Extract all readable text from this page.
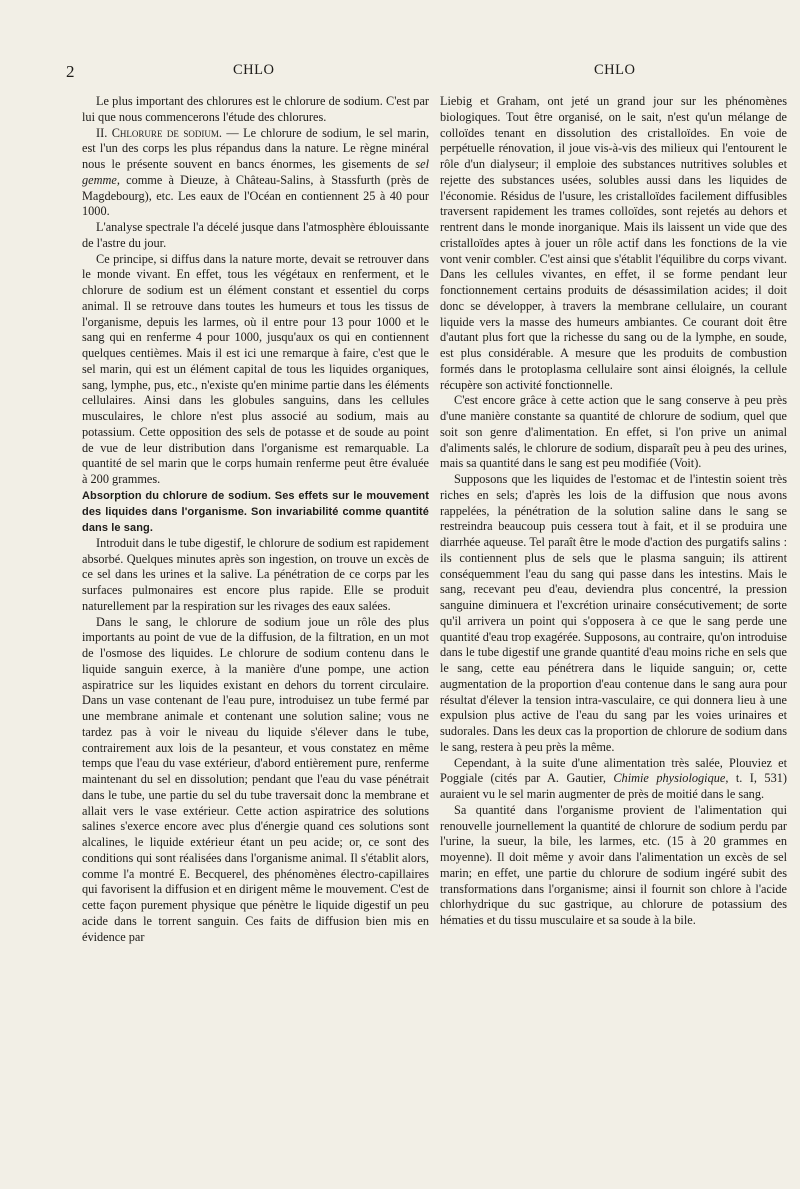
2	CHLO	CHLO

Le plus important des chlorures est le chlorure de sodium. C'est par lui que nous commencerons l'étude des chlorures.

II. Chlorure de sodium. — Le chlorure de sodium, le sel marin, est l'un des corps les plus répandus dans la nature. Le règne minéral nous le présente souvent en bancs énormes, les gisements de sel gemme, comme à Dieuze, à Château-Salins, à Stassfurth (près de Magdebourg), etc. Les eaux de l'Océan en contiennent 25 à 40 pour 1000.

L'analyse spectrale l'a décelé jusque dans l'atmosphère éblouissante de l'astre du jour.

Ce principe, si diffus dans la nature morte, devait se retrouver dans le monde vivant. En effet, tous les végétaux en renferment, et le chlorure de sodium est un élément constant et essentiel du corps animal. Il se retrouve dans toutes les humeurs et tous les tissus de l'organisme, depuis les larmes, où il entre pour 13 pour 1000 et le sang qui en renferme 4 pour 1000, jusqu'aux os qui en contiennent quelques centièmes. Mais il est ici une remarque à faire, c'est que le sel marin, qui est un élément capital de tous les liquides organiques, sang, lymphe, pus, etc., n'existe qu'en minime partie dans les éléments cellulaires. Ainsi dans les globules sanguins, dans les cellules musculaires, le chlore n'est plus associé au sodium, mais au potassium. Cette opposition des sels de potasse et de soude au point de vue de leur distribution dans l'organisme est remarquable. La quantité de sel marin que le corps humain renferme peut être évaluée à 200 grammes.

Absorption du chlorure de sodium. Ses effets sur le mouvement des liquides dans l'organisme. Son invariabilité comme quantité dans le sang.

Introduit dans le tube digestif, le chlorure de sodium est rapidement absorbé. Quelques minutes après son ingestion, on trouve un excès de ce sel dans les urines et la salive. La pénétration de ce corps par les surfaces pulmonaires est encore plus rapide. Elle se produit naturellement par la respiration sur les rivages des eaux salées.

Dans le sang, le chlorure de sodium joue un rôle des plus importants au point de vue de la diffusion, de la filtration, en un mot de l'osmose des liquides. Le chlorure de sodium contenu dans le liquide sanguin exerce, à la manière d'une pompe, une action aspiratrice sur les liquides existant en dehors du torrent circulaire. Dans un vase contenant de l'eau pure, introduisez un tube fermé par une membrane animale et contenant une solution saline; vous ne tardez pas à voir le niveau du liquide s'élever dans le tube, contrairement aux lois de la pesanteur, et vous constatez en même temps que l'eau du vase extérieur, d'abord entièrement pure, renferme maintenant du sel en dissolution; pendant que l'eau du vase pénétrait dans le tube, une partie du sel du tube traversait donc la membrane et allait vers le vase extérieur. Cette action aspiratrice des solutions salines s'exerce encore avec plus d'énergie quand ces solutions sont alcalines, le liquide extérieur étant un peu acide; or, ce sont des conditions qui sont réalisées dans l'organisme animal. Il s'établit alors, comme l'a montré E. Becquerel, des phénomènes électro-capillaires qui favorisent la diffusion et en dirigent même le mouvement. C'est de cette façon purement physique que pénètre le liquide digestif un peu acide dans le torrent sanguin. Ces faits de diffusion bien mis en évidence par

Liebig et Graham, ont jeté un grand jour sur les phénomènes biologiques. Tout être organisé, on le sait, n'est qu'un mélange de colloïdes tenant en dissolution des cristalloïdes. En voie de perpétuelle rénovation, il joue vis-à-vis des milieux qui l'entourent le rôle d'un dialyseur; il emploie des substances nutritives solubles et rejette des substances usées, solubles aussi dans les liquides de l'économie. Résidus de l'usure, les cristalloïdes facilement diffusibles traversent rapidement les trames colloïdes, sont rejetés au dehors et rentrent dans le monde inorganique. Mais ils laissent un vide que des cristalloïdes aptes à jouer un rôle actif dans les fonctions de la vie vont venir combler. C'est ainsi que s'établit l'équilibre du corps vivant. Dans les cellules vivantes, en effet, il se forme pendant leur fonctionnement certains produits de désassimilation acides; il doit donc se développer, à travers la membrane cellulaire, un courant liquide vers la masse des humeurs ambiantes. Ce courant doit être d'autant plus fort que la richesse du sang ou de la lymphe, en soude, est plus considérable. A mesure que les produits de combustion formés dans le protoplasma cellulaire sont ainsi éloignés, la cellule récupère son activité fonctionnelle.

C'est encore grâce à cette action que le sang conserve à peu près d'une manière constante sa quantité de chlorure de sodium, quel que soit son genre d'alimentation. En effet, si l'on prive un animal d'aliments salés, le chlorure de sodium, disparaît peu à peu des urines, mais sa quantité dans le sang est peu modifiée (Voit).

Supposons que les liquides de l'estomac et de l'intestin soient très riches en sels; d'après les lois de la diffusion que nous avons rappelées, la pénétration de la solution saline dans le sang se restreindra beaucoup puis cessera tout à fait, et il se produira une diarrhée aqueuse. Tel paraît être le mode d'action des purgatifs salins : ils contiennent plus de sels que le plasma sanguin; ils attirent conséquemment l'eau du sang qui passe dans les intestins. Mais le sang, recevant peu d'eau, deviendra plus concentré, la pression sanguine diminuera et l'excrétion urinaire consécutivement; de sorte qu'il arrivera un point qui s'opposera à ce que le sang perde une quantité d'eau trop exagérée. Supposons, au contraire, qu'on introduise dans le tube digestif une grande quantité d'eau moins riche en sels que le sang, cette eau pénétrera dans le liquide sanguin; or, cette augmentation de la proportion d'eau contenue dans le sang aura pour résultat d'élever la tension intra-vasculaire, ce qui donnera lieu à une expulsion plus active de l'eau du sang par les voies urinaires et sudorales. Dans les deux cas la proportion de chlorure de sodium dans le sang, restera à peu près la même.

Cependant, à la suite d'une alimentation très salée, Plouviez et Poggiale (cités par A. Gautier, Chimie physiologique, t. I, 531) auraient vu le sel marin augmenter de près de moitié dans le sang.

Sa quantité dans l'organisme provient de l'alimentation qui renouvelle journellement la quantité de chlorure de sodium perdu par l'urine, la sueur, la bile, les larmes, etc. (15 à 20 grammes en moyenne). Il doit même y avoir dans l'alimentation un excès de sel marin; en effet, une partie du chlorure de sodium ingéré subit des transformations dans l'organisme; ainsi il fournit son chlore à l'acide chlorhydrique du suc gastrique, au chlorure de potassium des hématies et du tissu musculaire et sa soude à la bile.
